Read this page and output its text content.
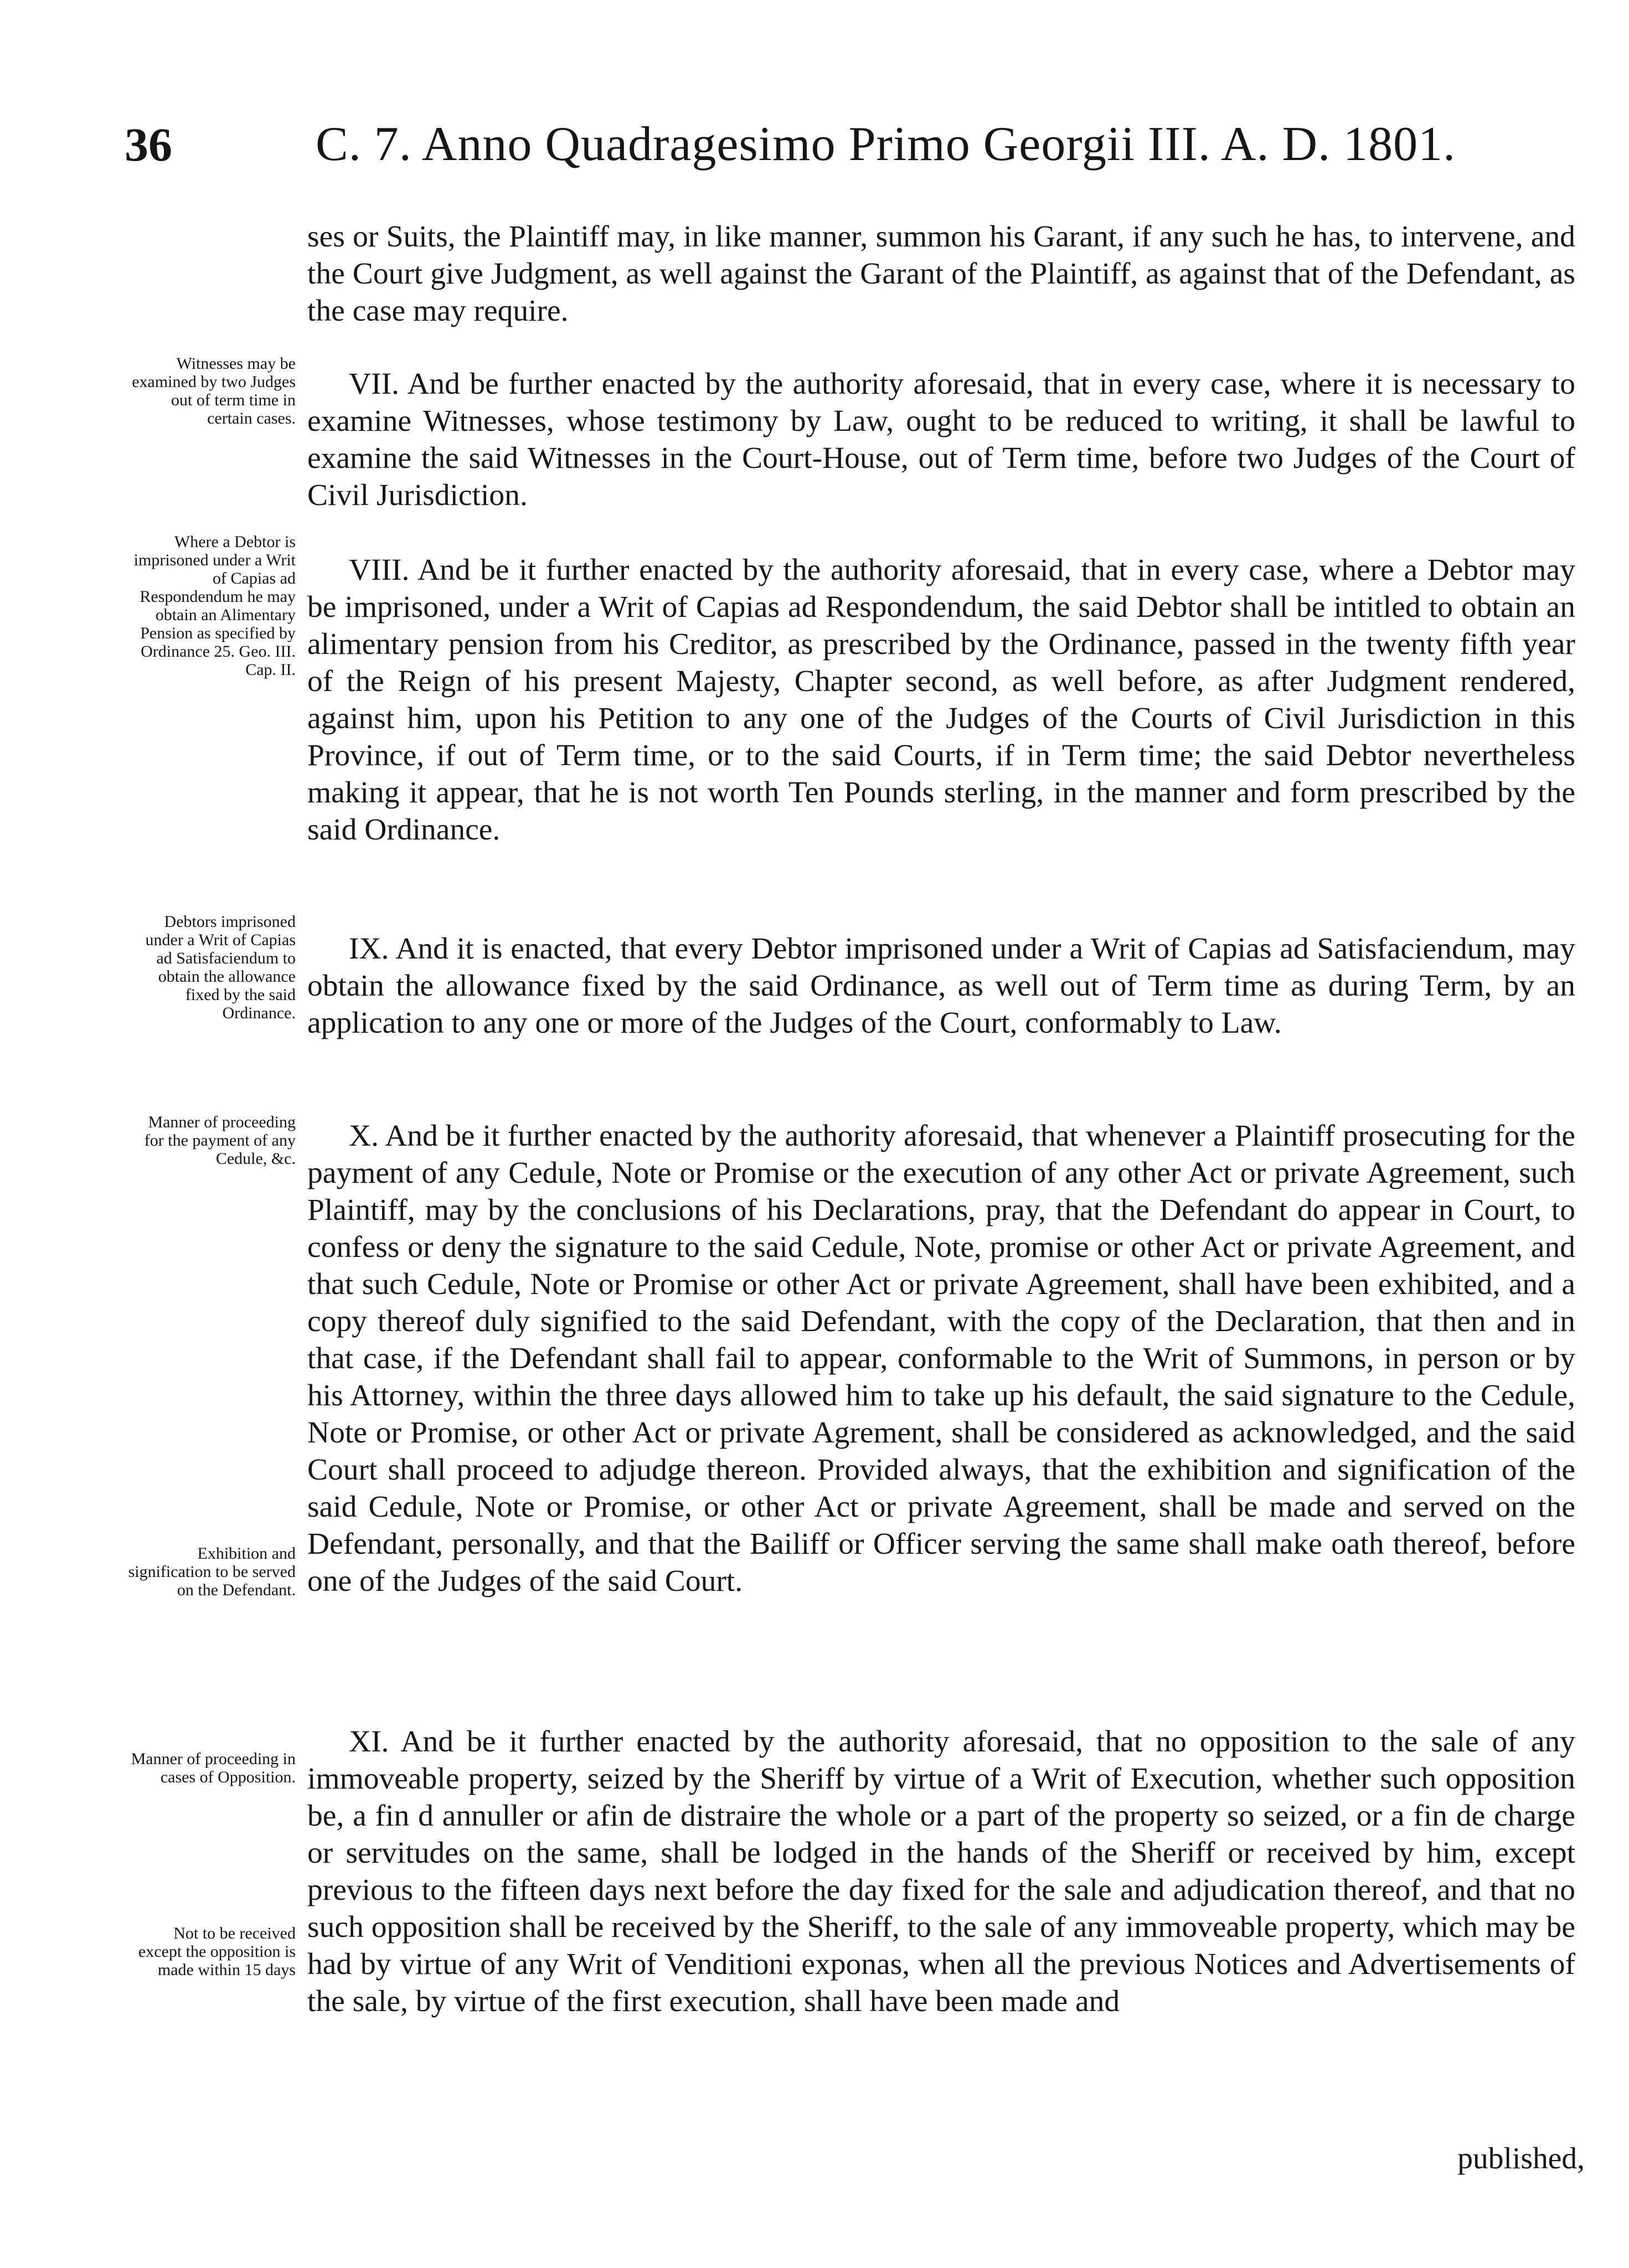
36	C. 7. Anno Quadragesimo Primo Georgii III. A. D. 1801.
ses or Suits, the Plaintiff may, in like manner, summon his Garant, if any such he has, to intervene, and the Court give Judgment, as well against the Garant of the Plaintiff, as against that of the Defendant, as the case may require.
Witnesses may be examined by two Judges out of term time in certain cases.
VII. And be further enacted by the authority aforesaid, that in every case, where it is necessary to examine Witnesses, whose testimony by Law, ought to be reduced to writing, it shall be lawful to examine the said Witnesses in the Court-House, out of Term time, before two Judges of the Court of Civil Jurisdiction.
Where a Debtor is imprisoned under a Writ of Capias ad Respondendum he may obtain an Alimentary Pension as specified by Ordinance 25. Geo. III. Cap. II.
VIII. And be it further enacted by the authority aforesaid, that in every case, where a Debtor may be imprisoned, under a Writ of Capias ad Respondendum, the said Debtor shall be intitled to obtain an alimentary pension from his Creditor, as prescribed by the Ordinance, passed in the twenty fifth year of the Reign of his present Majesty, Chapter second, as well before, as after Judgment rendered, against him, upon his Petition to any one of the Judges of the Courts of Civil Jurisdiction in this Province, if out of Term time, or to the said Courts, if in Term time; the said Debtor nevertheless making it appear, that he is not worth Ten Pounds sterling, in the manner and form prescribed by the said Ordinance.
Debtors imprisoned under a Writ of Capias ad Satisfaciendum to obtain the allowance fixed by the said Ordinance.
IX. And it is enacted, that every Debtor imprisoned under a Writ of Capias ad Satisfaciendum, may obtain the allowance fixed by the said Ordinance, as well out of Term time as during Term, by an application to any one or more of the Judges of the Court, conformably to Law.
Manner of proceeding for the payment of any Cedule, &c.
Exhibition and signification to be served on the Defendant.
X. And be it further enacted by the authority aforesaid, that whenever a Plaintiff prosecuting for the payment of any Cedule, Note or Promise or the execution of any other Act or private Agreement, such Plaintiff, may by the conclusions of his Declarations, pray, that the Defendant do appear in Court, to confess or deny the signature to the said Cedule, Note, promise or other Act or private Agreement, and that such Cedule, Note or Promise or other Act or private Agreement, shall have been exhibited, and a copy thereof duly signified to the said Defendant, with the copy of the Declaration, that then and in that case, if the Defendant shall fail to appear, conformable to the Writ of Summons, in person or by his Attorney, within the three days allowed him to take up his default, the said signature to the Cedule, Note or Promise, or other Act or private Agrement, shall be considered as acknowledged, and the said Court shall proceed to adjudge thereon. Provided always, that the exhibition and signification of the said Cedule, Note or Promise, or other Act or private Agreement, shall be made and served on the Defendant, personally, and that the Bailiff or Officer serving the same shall make oath thereof, before one of the Judges of the said Court.
Manner of proceeding in cases of Opposition.
Not to be received except the opposition is made within 15 days
XI. And be it further enacted by the authority aforesaid, that no opposition to the sale of any immoveable property, seized by the Sheriff by virtue of a Writ of Execution, whether such opposition be, a fin d annuller or afin de distraire the whole or a part of the property so seized, or a fin de charge or servitudes on the same, shall be lodged in the hands of the Sheriff or received by him, except previous to the fifteen days next before the day fixed for the sale and adjudication thereof, and that no such opposition shall be received by the Sheriff, to the sale of any immoveable property, which may be had by virtue of any Writ of Venditioni exponas, when all the previous Notices and Advertisements of the sale, by virtue of the first execution, shall have been made and
published,
